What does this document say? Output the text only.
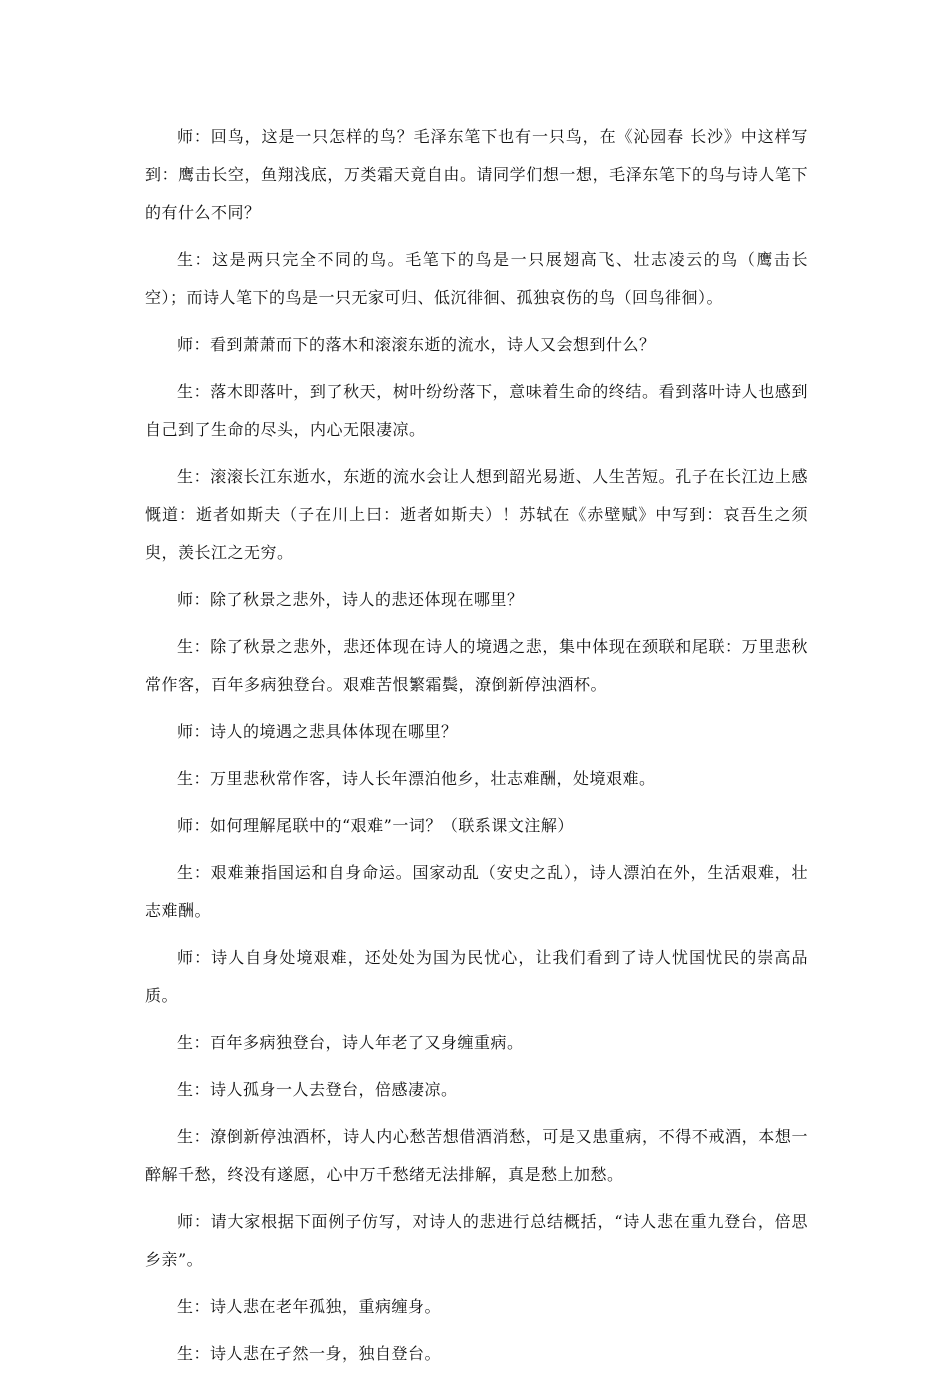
师：回鸟，这是一只怎样的鸟？毛泽东笔下也有一只鸟，在《沁园春 长沙》中这样写到：鹰击长空，鱼翔浅底，万类霜天竟自由。请同学们想一想，毛泽东笔下的鸟与诗人笔下的有什么不同？

生：这是两只完全不同的鸟。毛笔下的鸟是一只展翅高飞、壮志凌云的鸟（鹰击长空）；而诗人笔下的鸟是一只无家可归、低沉徘徊、孤独哀伤的鸟（回鸟徘徊）。

师：看到萧萧而下的落木和滚滚东逝的流水，诗人又会想到什么？

生：落木即落叶，到了秋天，树叶纷纷落下，意味着生命的终结。看到落叶诗人也感到自己到了生命的尽头，内心无限凄凉。

生：滚滚长江东逝水，东逝的流水会让人想到韶光易逝、人生苦短。孔子在长江边上感慨道：逝者如斯夫（子在川上曰：逝者如斯夫）！苏轼在《赤壁赋》中写到：哀吾生之须臾，羡长江之无穷。

师：除了秋景之悲外，诗人的悲还体现在哪里？

生：除了秋景之悲外，悲还体现在诗人的境遇之悲，集中体现在颈联和尾联：万里悲秋常作客，百年多病独登台。艰难苦恨繁霜鬓，潦倒新停浊酒杯。

师：诗人的境遇之悲具体体现在哪里？

生：万里悲秋常作客，诗人长年漂泊他乡，壮志难酬，处境艰难。

师：如何理解尾联中的“艰难”一词？（联系课文注解）

生：艰难兼指国运和自身命运。国家动乱（安史之乱），诗人漂泊在外，生活艰难，壮志难酬。

师：诗人自身处境艰难，还处处为国为民忧心，让我们看到了诗人忧国忧民的崇高品质。

生：百年多病独登台，诗人年老了又身缠重病。

生：诗人孤身一人去登台，倍感凄凉。

生：潦倒新停浊酒杯，诗人内心愁苦想借酒消愁，可是又患重病，不得不戒酒，本想一醉解千愁，终没有遂愿，心中万千愁绪无法排解，真是愁上加愁。

师：请大家根据下面例子仿写，对诗人的悲进行总结概括，“诗人悲在重九登台，倍思乡亲”。

生：诗人悲在老年孤独，重病缠身。

生：诗人悲在孑然一身，独自登台。
